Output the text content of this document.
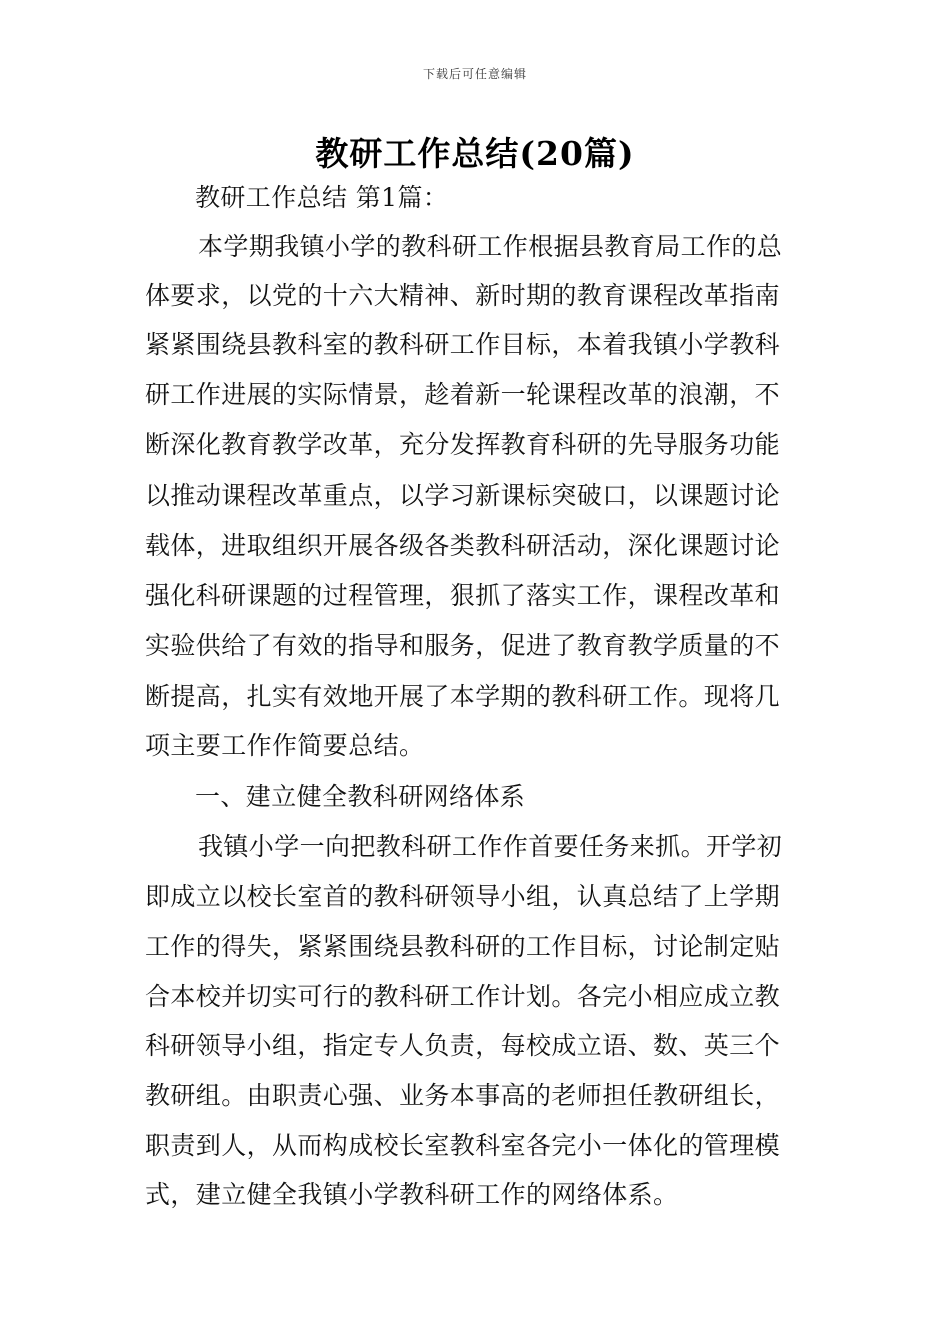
下载后可任意编辑
教研工作总结(20篇)
教研工作总结 第1篇：
本学期我镇小学的教科研工作根据县教育局工作的总
体要求，以党的十六大精神、新时期的教育课程改革指南
紧紧围绕县教科室的教科研工作目标，本着我镇小学教科
研工作进展的实际情景，趁着新一轮课程改革的浪潮，不
断深化教育教学改革，充分发挥教育科研的先导服务功能
以推动课程改革重点，以学习新课标突破口，以课题讨论
载体，进取组织开展各级各类教科研活动，深化课题讨论
强化科研课题的过程管理，狠抓了落实工作，课程改革和
实验供给了有效的指导和服务，促进了教育教学质量的不
断提高，扎实有效地开展了本学期的教科研工作。现将几
项主要工作作简要总结。
一、建立健全教科研网络体系
我镇小学一向把教科研工作作首要任务来抓。开学初
即成立以校长室首的教科研领导小组，认真总结了上学期
工作的得失，紧紧围绕县教科研的工作目标，讨论制定贴
合本校并切实可行的教科研工作计划。各完小相应成立教
科研领导小组，指定专人负责，每校成立语、数、英三个
教研组。由职责心强、业务本事高的老师担任教研组长，
职责到人，从而构成校长室教科室各完小一体化的管理模
式，建立健全我镇小学教科研工作的网络体系。
